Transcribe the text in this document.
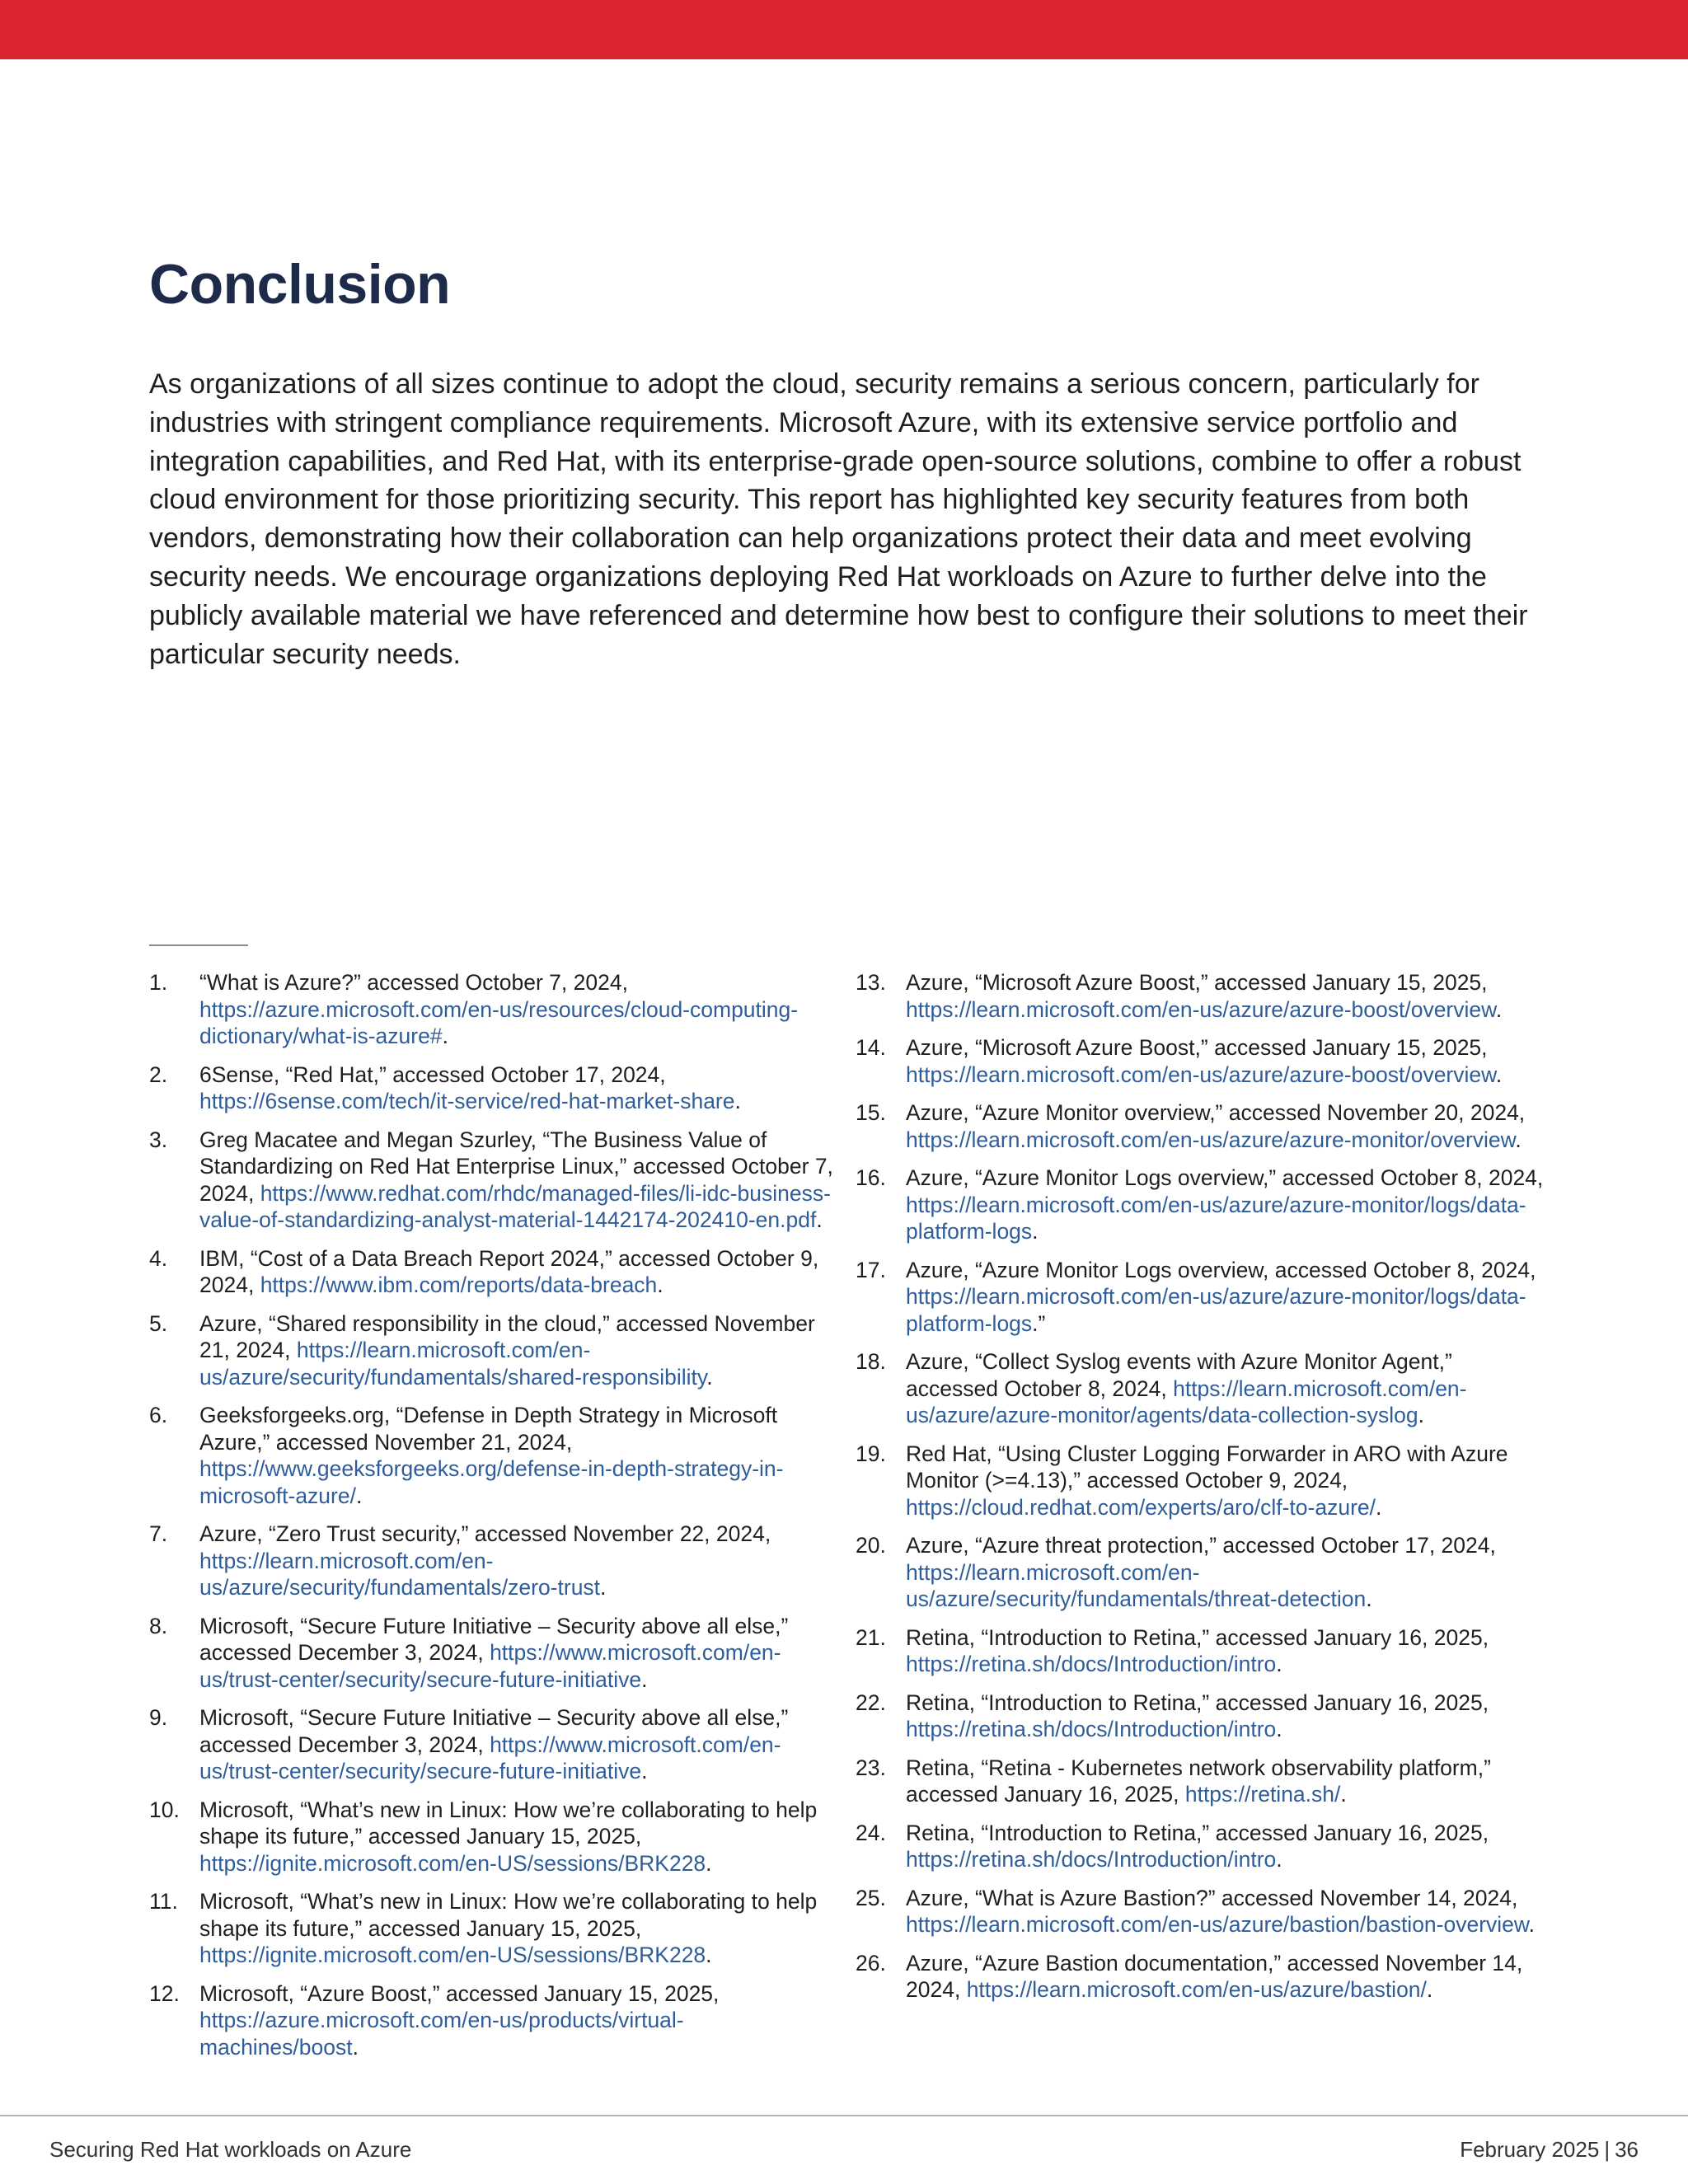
Conclusion

As organizations of all sizes continue to adopt the cloud, security remains a serious concern, particularly for industries with stringent compliance requirements. Microsoft Azure, with its extensive service portfolio and integration capabilities, and Red Hat, with its enterprise-grade open-source solutions, combine to offer a robust cloud environment for those prioritizing security. This report has highlighted key security features from both vendors, demonstrating how their collaboration can help organizations protect their data and meet evolving security needs. We encourage organizations deploying Red Hat workloads on Azure to further delve into the publicly available material we have referenced and determine how best to configure their solutions to meet their particular security needs.

1. “What is Azure?” accessed October 7, 2024, https://azure.microsoft.com/en-us/resources/cloud-computing-dictionary/what-is-azure#.
2. 6Sense, “Red Hat,” accessed October 17, 2024, https://6sense.com/tech/it-service/red-hat-market-share.
3. Greg Macatee and Megan Szurley, “The Business Value of Standardizing on Red Hat Enterprise Linux,” accessed October 7, 2024, https://www.redhat.com/rhdc/managed-files/li-idc-business-value-of-standardizing-analyst-material-1442174-202410-en.pdf.
4. IBM, “Cost of a Data Breach Report 2024,” accessed October 9, 2024, https://www.ibm.com/reports/data-breach.
5. Azure, “Shared responsibility in the cloud,” accessed November 21, 2024, https://learn.microsoft.com/en-us/azure/security/fundamentals/shared-responsibility.
6. Geeksforgeeks.org, “Defense in Depth Strategy in Microsoft Azure,” accessed November 21, 2024, https://www.geeksforgeeks.org/defense-in-depth-strategy-in-microsoft-azure/.
7. Azure, “Zero Trust security,” accessed November 22, 2024, https://learn.microsoft.com/en-us/azure/security/fundamentals/zero-trust.
8. Microsoft, “Secure Future Initiative – Security above all else,” accessed December 3, 2024, https://www.microsoft.com/en-us/trust-center/security/secure-future-initiative.
9. Microsoft, “Secure Future Initiative – Security above all else,” accessed December 3, 2024, https://www.microsoft.com/en-us/trust-center/security/secure-future-initiative.
10. Microsoft, “What’s new in Linux: How we’re collaborating to help shape its future,” accessed January 15, 2025, https://ignite.microsoft.com/en-US/sessions/BRK228.
11. Microsoft, “What’s new in Linux: How we’re collaborating to help shape its future,” accessed January 15, 2025, https://ignite.microsoft.com/en-US/sessions/BRK228.
12. Microsoft, “Azure Boost,” accessed January 15, 2025, https://azure.microsoft.com/en-us/products/virtual-machines/boost.
13. Azure, “Microsoft Azure Boost,” accessed January 15, 2025, https://learn.microsoft.com/en-us/azure/azure-boost/overview.
14. Azure, “Microsoft Azure Boost,” accessed January 15, 2025, https://learn.microsoft.com/en-us/azure/azure-boost/overview.
15. Azure, “Azure Monitor overview,” accessed November 20, 2024, https://learn.microsoft.com/en-us/azure/azure-monitor/overview.
16. Azure, “Azure Monitor Logs overview,” accessed October 8, 2024, https://learn.microsoft.com/en-us/azure/azure-monitor/logs/data-platform-logs.
17. Azure, “Azure Monitor Logs overview, accessed October 8, 2024, https://learn.microsoft.com/en-us/azure/azure-monitor/logs/data-platform-logs.”
18. Azure, “Collect Syslog events with Azure Monitor Agent,” accessed October 8, 2024, https://learn.microsoft.com/en-us/azure/azure-monitor/agents/data-collection-syslog.
19. Red Hat, “Using Cluster Logging Forwarder in ARO with Azure Monitor (>=4.13),” accessed October 9, 2024, https://cloud.redhat.com/experts/aro/clf-to-azure/.
20. Azure, “Azure threat protection,” accessed October 17, 2024, https://learn.microsoft.com/en-us/azure/security/fundamentals/threat-detection.
21. Retina, “Introduction to Retina,” accessed January 16, 2025, https://retina.sh/docs/Introduction/intro.
22. Retina, “Introduction to Retina,” accessed January 16, 2025, https://retina.sh/docs/Introduction/intro.
23. Retina, “Retina - Kubernetes network observability platform,” accessed January 16, 2025, https://retina.sh/.
24. Retina, “Introduction to Retina,” accessed January 16, 2025, https://retina.sh/docs/Introduction/intro.
25. Azure, “What is Azure Bastion?” accessed November 14, 2024, https://learn.microsoft.com/en-us/azure/bastion/bastion-overview.
26. Azure, “Azure Bastion documentation,” accessed November 14, 2024, https://learn.microsoft.com/en-us/azure/bastion/.
Securing Red Hat workloads on Azure	February 2025 | 36
